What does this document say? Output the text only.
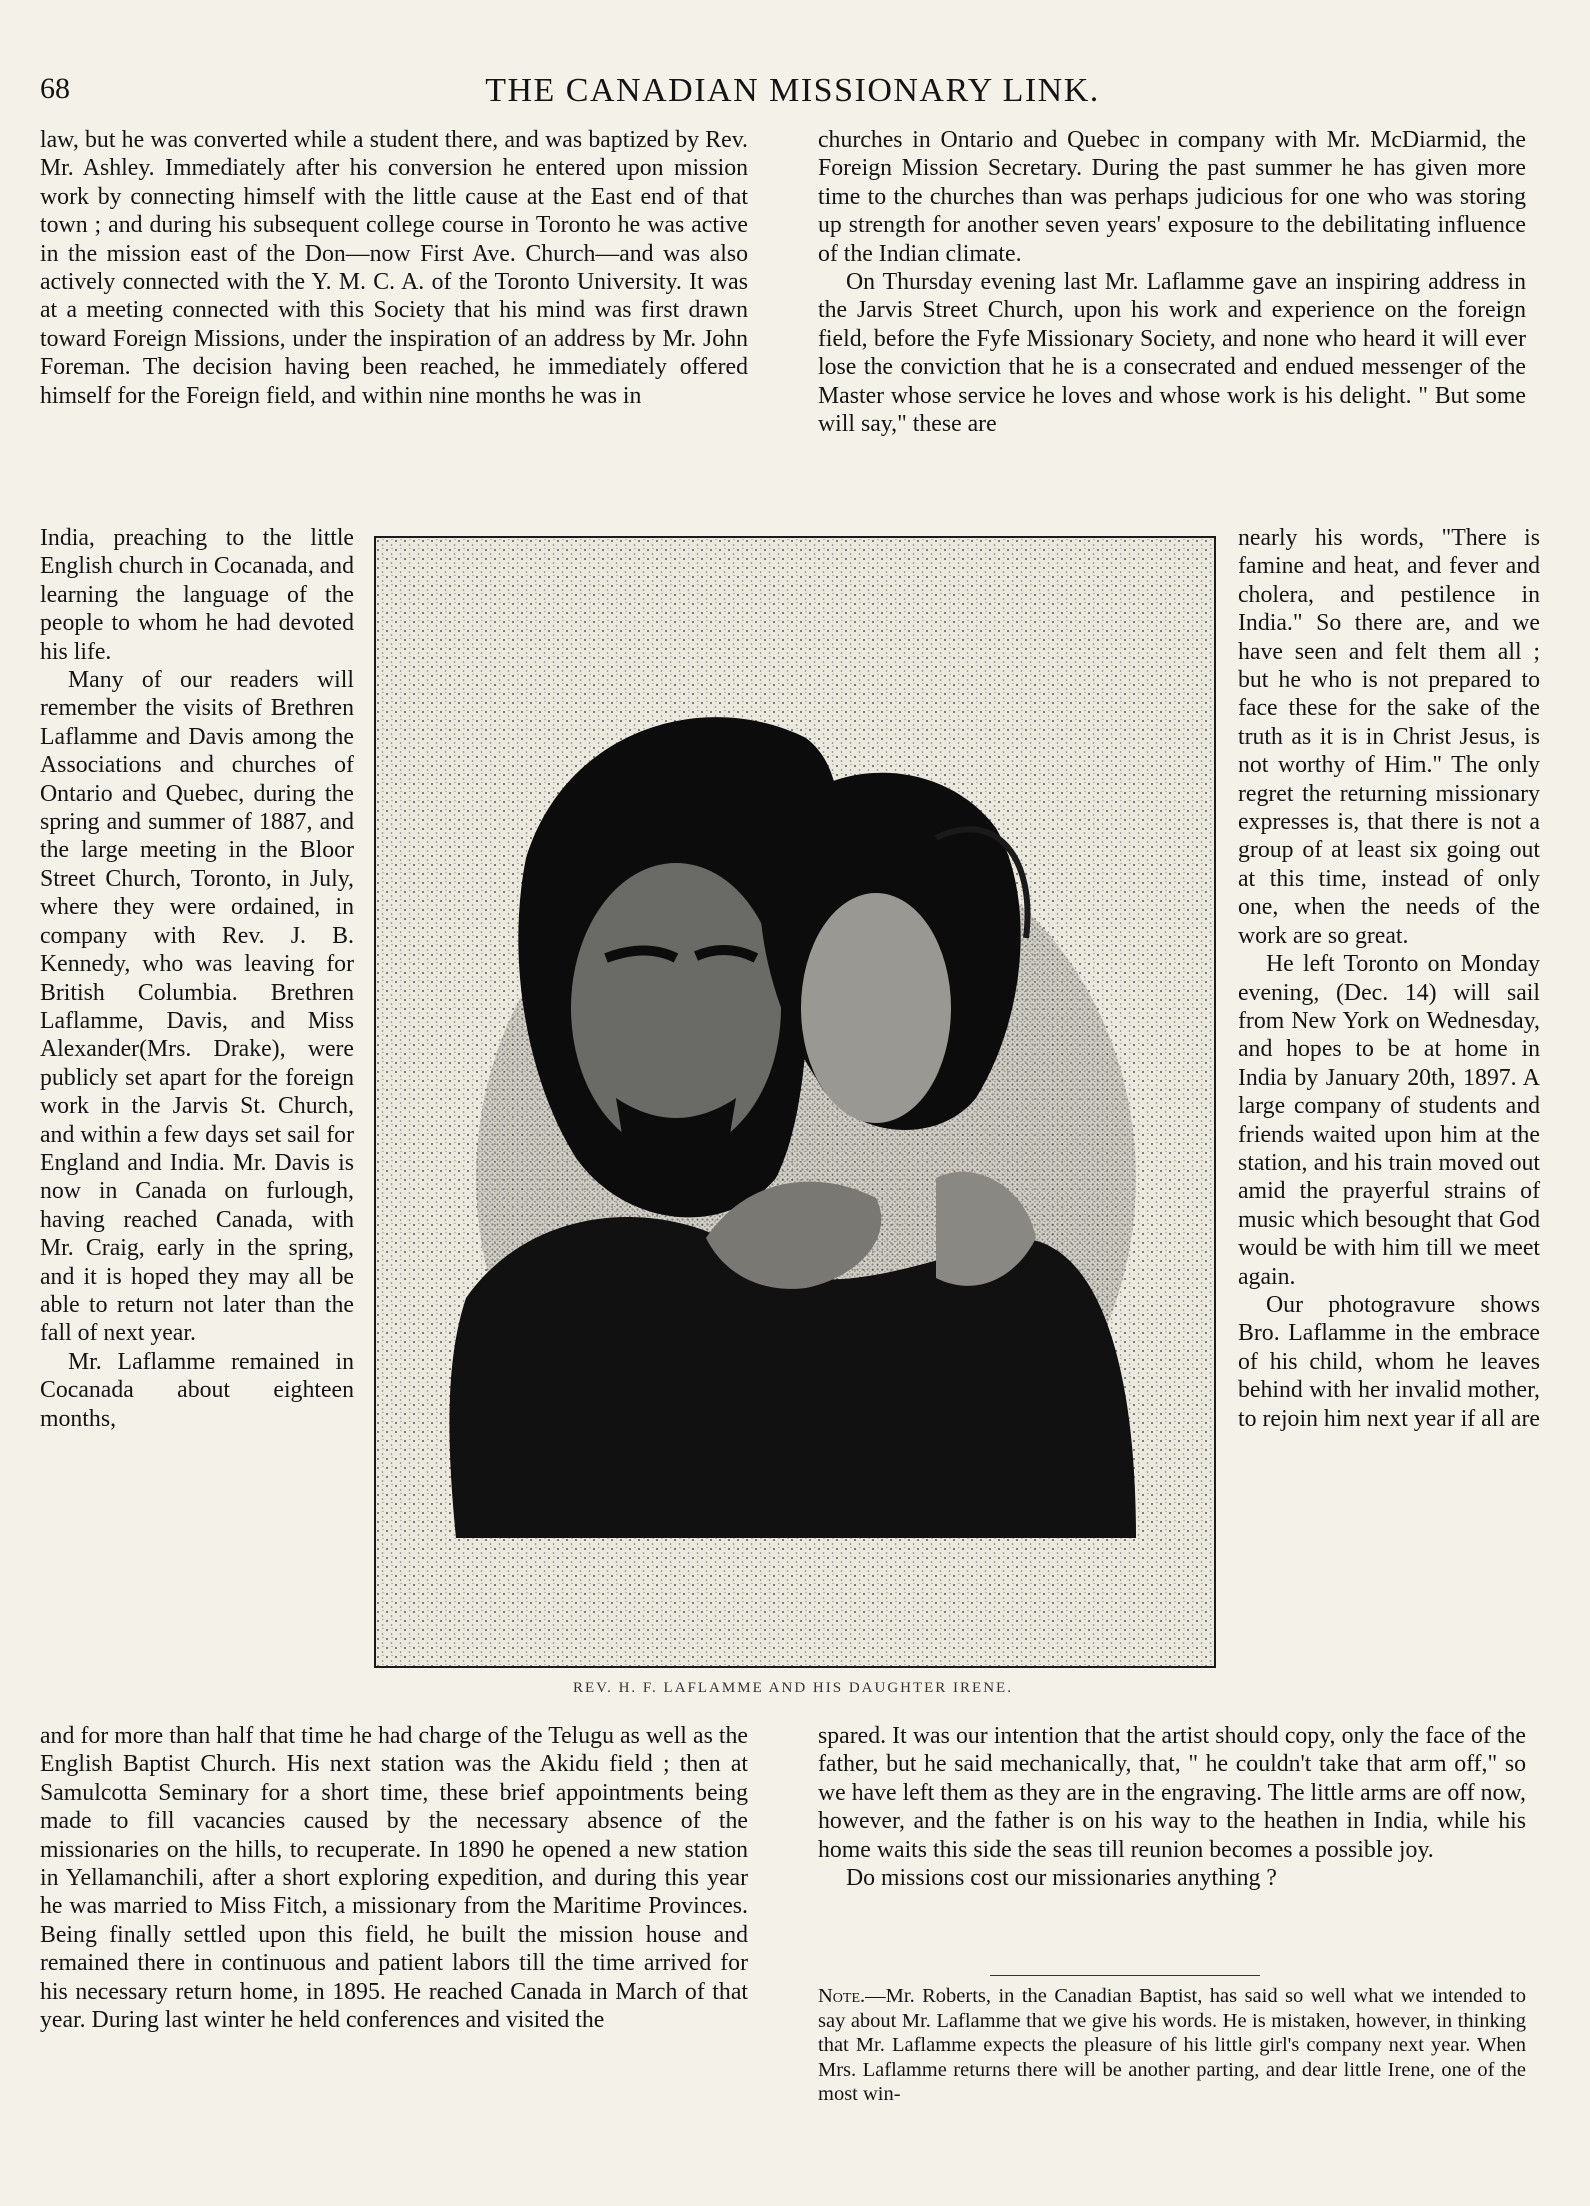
68	THE CANADIAN MISSIONARY LINK.

law, but he was converted while a student there, and was baptized by Rev. Mr. Ashley. Immediately after his conversion he entered upon mission work by connecting himself with the little cause at the East end of that town ; and during his subsequent college course in Toronto he was active in the mission east of the Don—now First Ave. Church—and was also actively connected with the Y. M. C. A. of the Toronto University. It was at a meeting connected with this Society that his mind was first drawn toward Foreign Missions, under the inspiration of an address by Mr. John Foreman. The decision having been reached, he immediately offered himself for the Foreign field, and within nine months he was in

churches in Ontario and Quebec in company with Mr. McDiarmid, the Foreign Mission Secretary. During the past summer he has given more time to the churches than was perhaps judicious for one who was storing up strength for another seven years' exposure to the debilitating influence of the Indian climate.

On Thursday evening last Mr. Laflamme gave an inspiring address in the Jarvis Street Church, upon his work and experience on the foreign field, before the Fyfe Missionary Society, and none who heard it will ever lose the conviction that he is a consecrated and endued messenger of the Master whose service he loves and whose work is his delight. " But some will say," these are

India, preaching to the little English church in Cocanada, and learning the language of the people to whom he had devoted his life.

Many of our readers will remember the visits of Brethren Laflamme and Davis among the Associations and churches of Ontario and Quebec, during the spring and summer of 1887, and the large meeting in the Bloor Street Church, Toronto, in July, where they were ordained, in company with Rev. J. B. Kennedy, who was leaving for British Columbia. Brethren Laflamme, Davis, and Miss Alexander(Mrs. Drake), were publicly set apart for the foreign work in the Jarvis St. Church, and within a few days set sail for England and India. Mr. Davis is now in Canada on furlough, having reached Canada, with Mr. Craig, early in the spring, and it is hoped they may all be able to return not later than the fall of next year.

Mr. Laflamme remained in Cocanada about eighteen months,

REV. H. F. LAFLAMME AND HIS DAUGHTER IRENE.

nearly his words, "There is famine and heat, and fever and cholera, and pestilence in India." So there are, and we have seen and felt them all ; but he who is not prepared to face these for the sake of the truth as it is in Christ Jesus, is not worthy of Him." The only regret the returning missionary expresses is, that there is not a group of at least six going out at this time, instead of only one, when the needs of the work are so great.

He left Toronto on Monday evening, (Dec. 14) will sail from New York on Wednesday, and hopes to be at home in India by January 20th, 1897. A large company of students and friends waited upon him at the station, and his train moved out amid the prayerful strains of music which besought that God would be with him till we meet again.

Our photogravure shows Bro. Laflamme in the embrace of his child, whom he leaves behind with her invalid mother, to rejoin him next year if all are

and for more than half that time he had charge of the Telugu as well as the English Baptist Church. His next station was the Akidu field ; then at Samulcotta Seminary for a short time, these brief appointments being made to fill vacancies caused by the necessary absence of the missionaries on the hills, to recuperate. In 1890 he opened a new station in Yellamanchili, after a short exploring expedition, and during this year he was married to Miss Fitch, a missionary from the Maritime Provinces. Being finally settled upon this field, he built the mission house and remained there in continuous and patient labors till the time arrived for his necessary return home, in 1895. He reached Canada in March of that year. During last winter he held conferences and visited the

spared. It was our intention that the artist should copy, only the face of the father, but he said mechanically, that, " he couldn't take that arm off," so we have left them as they are in the engraving. The little arms are off now, however, and the father is on his way to the heathen in India, while his home waits this side the seas till reunion becomes a possible joy.

Do missions cost our missionaries anything ?

Note.—Mr. Roberts, in the Canadian Baptist, has said so well what we intended to say about Mr. Laflamme that we give his words. He is mistaken, however, in thinking that Mr. Laflamme expects the pleasure of his little girl's company next year. When Mrs. Laflamme returns there will be another parting, and dear little Irene, one of the most win-
